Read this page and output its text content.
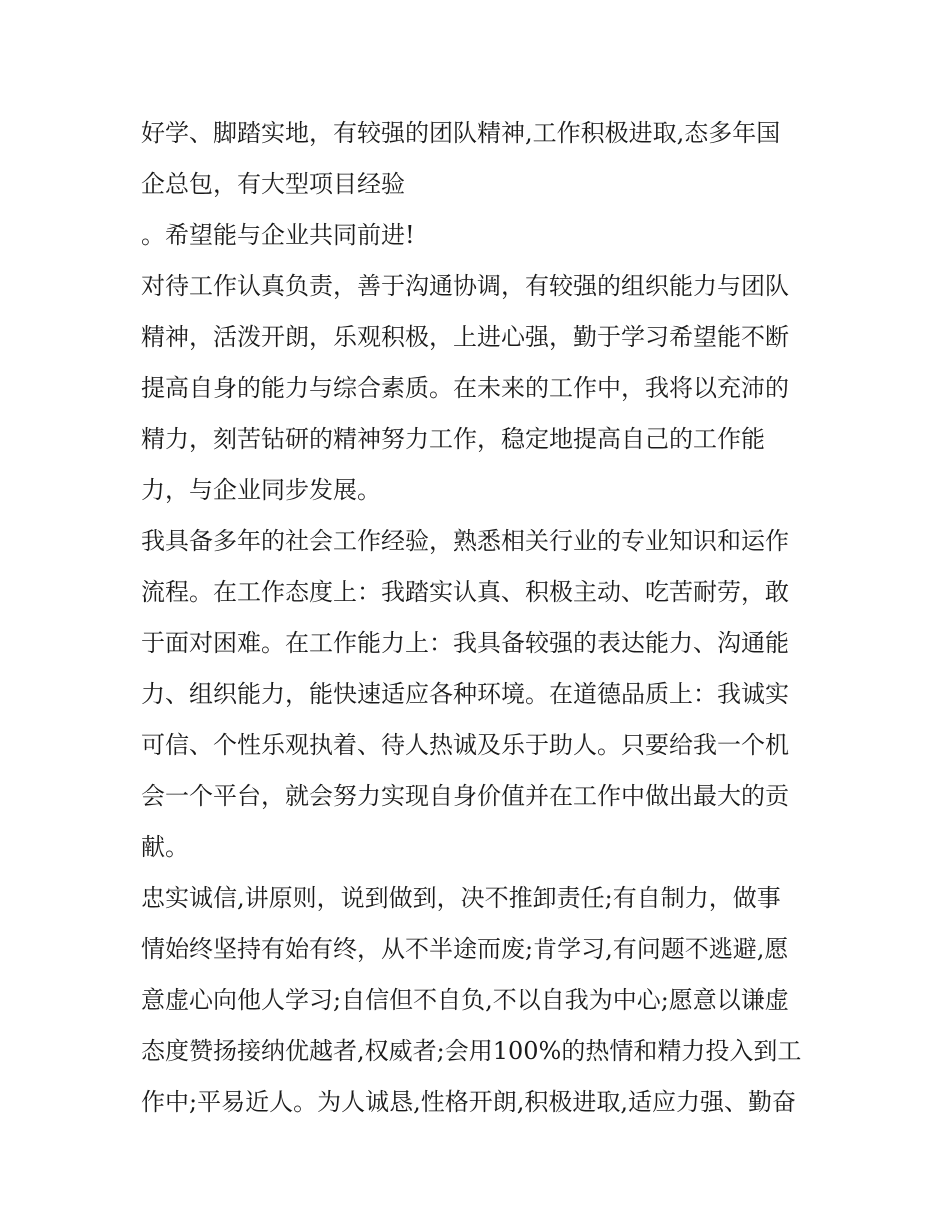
好学、脚踏实地，有较强的团队精神,工作积极进取,态多年国
企总包，有大型项目经验
。希望能与企业共同前进!
对待工作认真负责，善于沟通协调，有较强的组织能力与团队
精神，活泼开朗，乐观积极，上进心强，勤于学习希望能不断
提高自身的能力与综合素质。在未来的工作中，我将以充沛的
精力，刻苦钻研的精神努力工作，稳定地提高自己的工作能
力，与企业同步发展。
我具备多年的社会工作经验，熟悉相关行业的专业知识和运作
流程。在工作态度上：我踏实认真、积极主动、吃苦耐劳，敢
于面对困难。在工作能力上：我具备较强的表达能力、沟通能
力、组织能力，能快速适应各种环境。在道德品质上：我诚实
可信、个性乐观执着、待人热诚及乐于助人。只要给我一个机
会一个平台，就会努力实现自身价值并在工作中做出最大的贡
献。
忠实诚信,讲原则，说到做到，决不推卸责任;有自制力，做事
情始终坚持有始有终，从不半途而废;肯学习,有问题不逃避,愿
意虚心向他人学习;自信但不自负,不以自我为中心;愿意以谦虚
态度赞扬接纳优越者,权威者;会用100%的热情和精力投入到工
作中;平易近人。为人诚恳,性格开朗,积极进取,适应力强、勤奋
